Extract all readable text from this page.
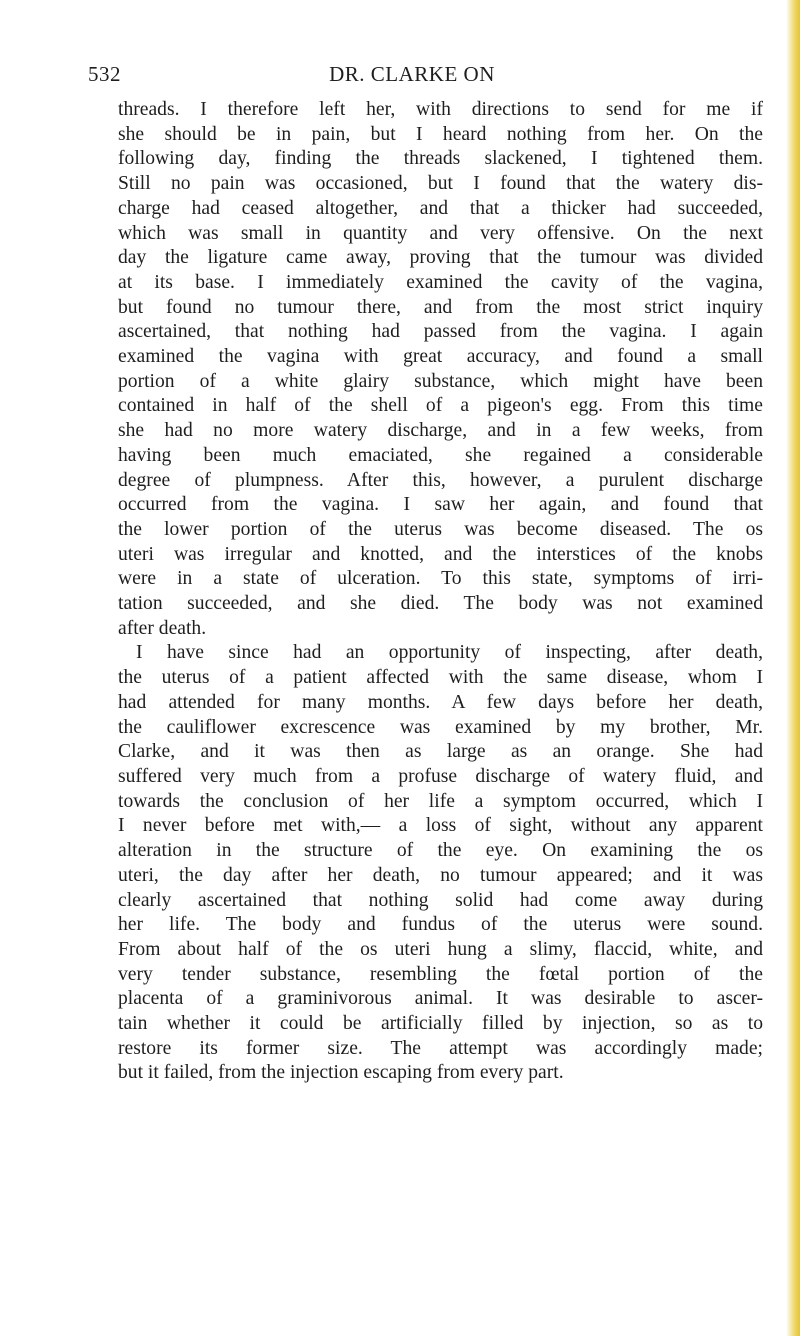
532	DR. CLARKE ON
threads. I therefore left her, with directions to send for me if
she should be in pain, but I heard nothing from her. On the
following day, finding the threads slackened, I tightened them.
Still no pain was occasioned, but I found that the watery dis-
charge had ceased altogether, and that a thicker had succeeded,
which was small in quantity and very offensive. On the next
day the ligature came away, proving that the tumour was divided
at its base. I immediately examined the cavity of the vagina,
but found no tumour there, and from the most strict inquiry
ascertained, that nothing had passed from the vagina. I again
examined the vagina with great accuracy, and found a small
portion of a white glairy substance, which might have been
contained in half of the shell of a pigeon's egg. From this time
she had no more watery discharge, and in a few weeks, from
having been much emaciated, she regained a considerable
degree of plumpness. After this, however, a purulent discharge
occurred from the vagina. I saw her again, and found that
the lower portion of the uterus was become diseased. The os
uteri was irregular and knotted, and the interstices of the knobs
were in a state of ulceration. To this state, symptoms of irri-
tation succeeded, and she died. The body was not examined
after death.
I have since had an opportunity of inspecting, after death,
the uterus of a patient affected with the same disease, whom I
had attended for many months. A few days before her death,
the cauliflower excrescence was examined by my brother, Mr.
Clarke, and it was then as large as an orange. She had
suffered very much from a profuse discharge of watery fluid, and
towards the conclusion of her life a symptom occurred, which I
I never before met with,— a loss of sight, without any apparent
alteration in the structure of the eye. On examining the os
uteri, the day after her death, no tumour appeared; and it was
clearly ascertained that nothing solid had come away during
her life. The body and fundus of the uterus were sound.
From about half of the os uteri hung a slimy, flaccid, white, and
very tender substance, resembling the fœtal portion of the
placenta of a graminivorous animal. It was desirable to ascer-
tain whether it could be artificially filled by injection, so as to
restore its former size. The attempt was accordingly made;
but it failed, from the injection escaping from every part.
